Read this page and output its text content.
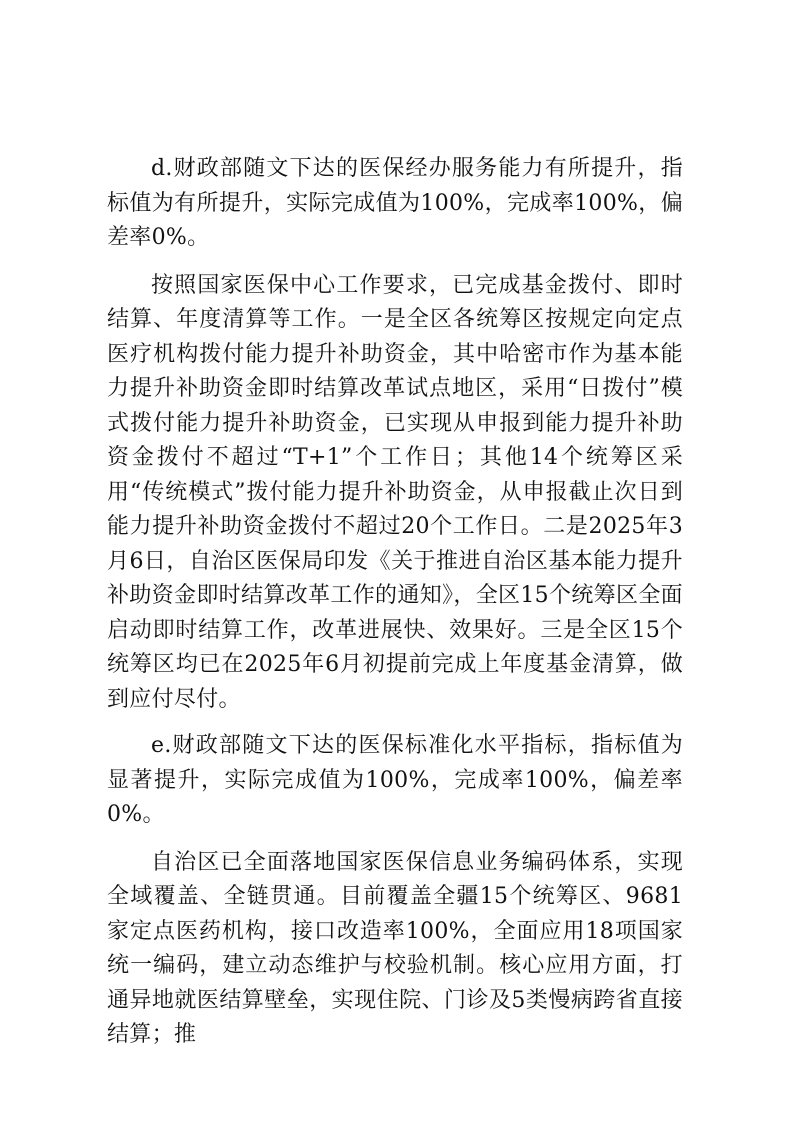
d.财政部随文下达的医保经办服务能力有所提升，指标值为有所提升，实际完成值为100%，完成率100%，偏差率0%。

按照国家医保中心工作要求，已完成基金拨付、即时结算、年度清算等工作。一是全区各统筹区按规定向定点医疗机构拨付能力提升补助资金，其中哈密市作为基本能力提升补助资金即时结算改革试点地区，采用“日拨付”模式拨付能力提升补助资金，已实现从申报到能力提升补助资金拨付不超过“T+1”个工作日；其他14个统筹区采用“传统模式”拨付能力提升补助资金，从申报截止次日到能力提升补助资金拨付不超过20个工作日。二是2025年3月6日，自治区医保局印发《关于推进自治区基本能力提升补助资金即时结算改革工作的通知》，全区15个统筹区全面启动即时结算工作，改革进展快、效果好。三是全区15个统筹区均已在2025年6月初提前完成上年度基金清算，做到应付尽付。

e.财政部随文下达的医保标准化水平指标，指标值为显著提升，实际完成值为100%，完成率100%，偏差率0%。

自治区已全面落地国家医保信息业务编码体系，实现全域覆盖、全链贯通。目前覆盖全疆15个统筹区、9681家定点医药机构，接口改造率100%，全面应用18项国家统一编码，建立动态维护与校验机制。核心应用方面，打通异地就医结算壁垒，实现住院、门诊及5类慢病跨省直接结算；推
